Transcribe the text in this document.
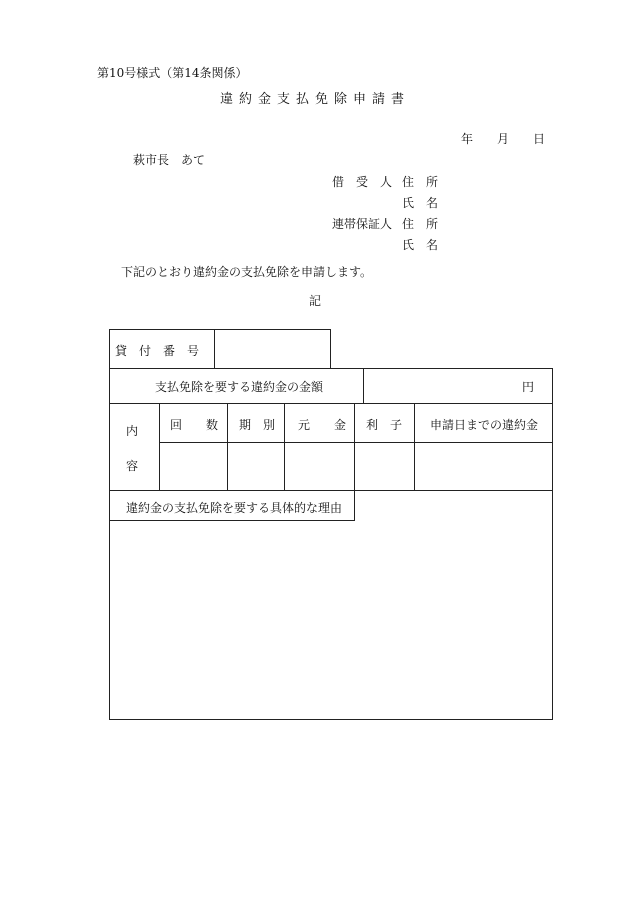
第10号様式（第14条関係）
違約金支払免除申請書
年 月 日
萩市長　あて
借　受　人 住　所
氏　名
連帯保証人 住　所
氏　名
下記のとおり違約金の支払免除を申請します。
記
貸　付　番　号
支払免除を要する違約金の金額	円
内
容
回　　数 期　別 元　　金 利　子 申請日までの違約金
違約金の支払免除を要する具体的な理由
